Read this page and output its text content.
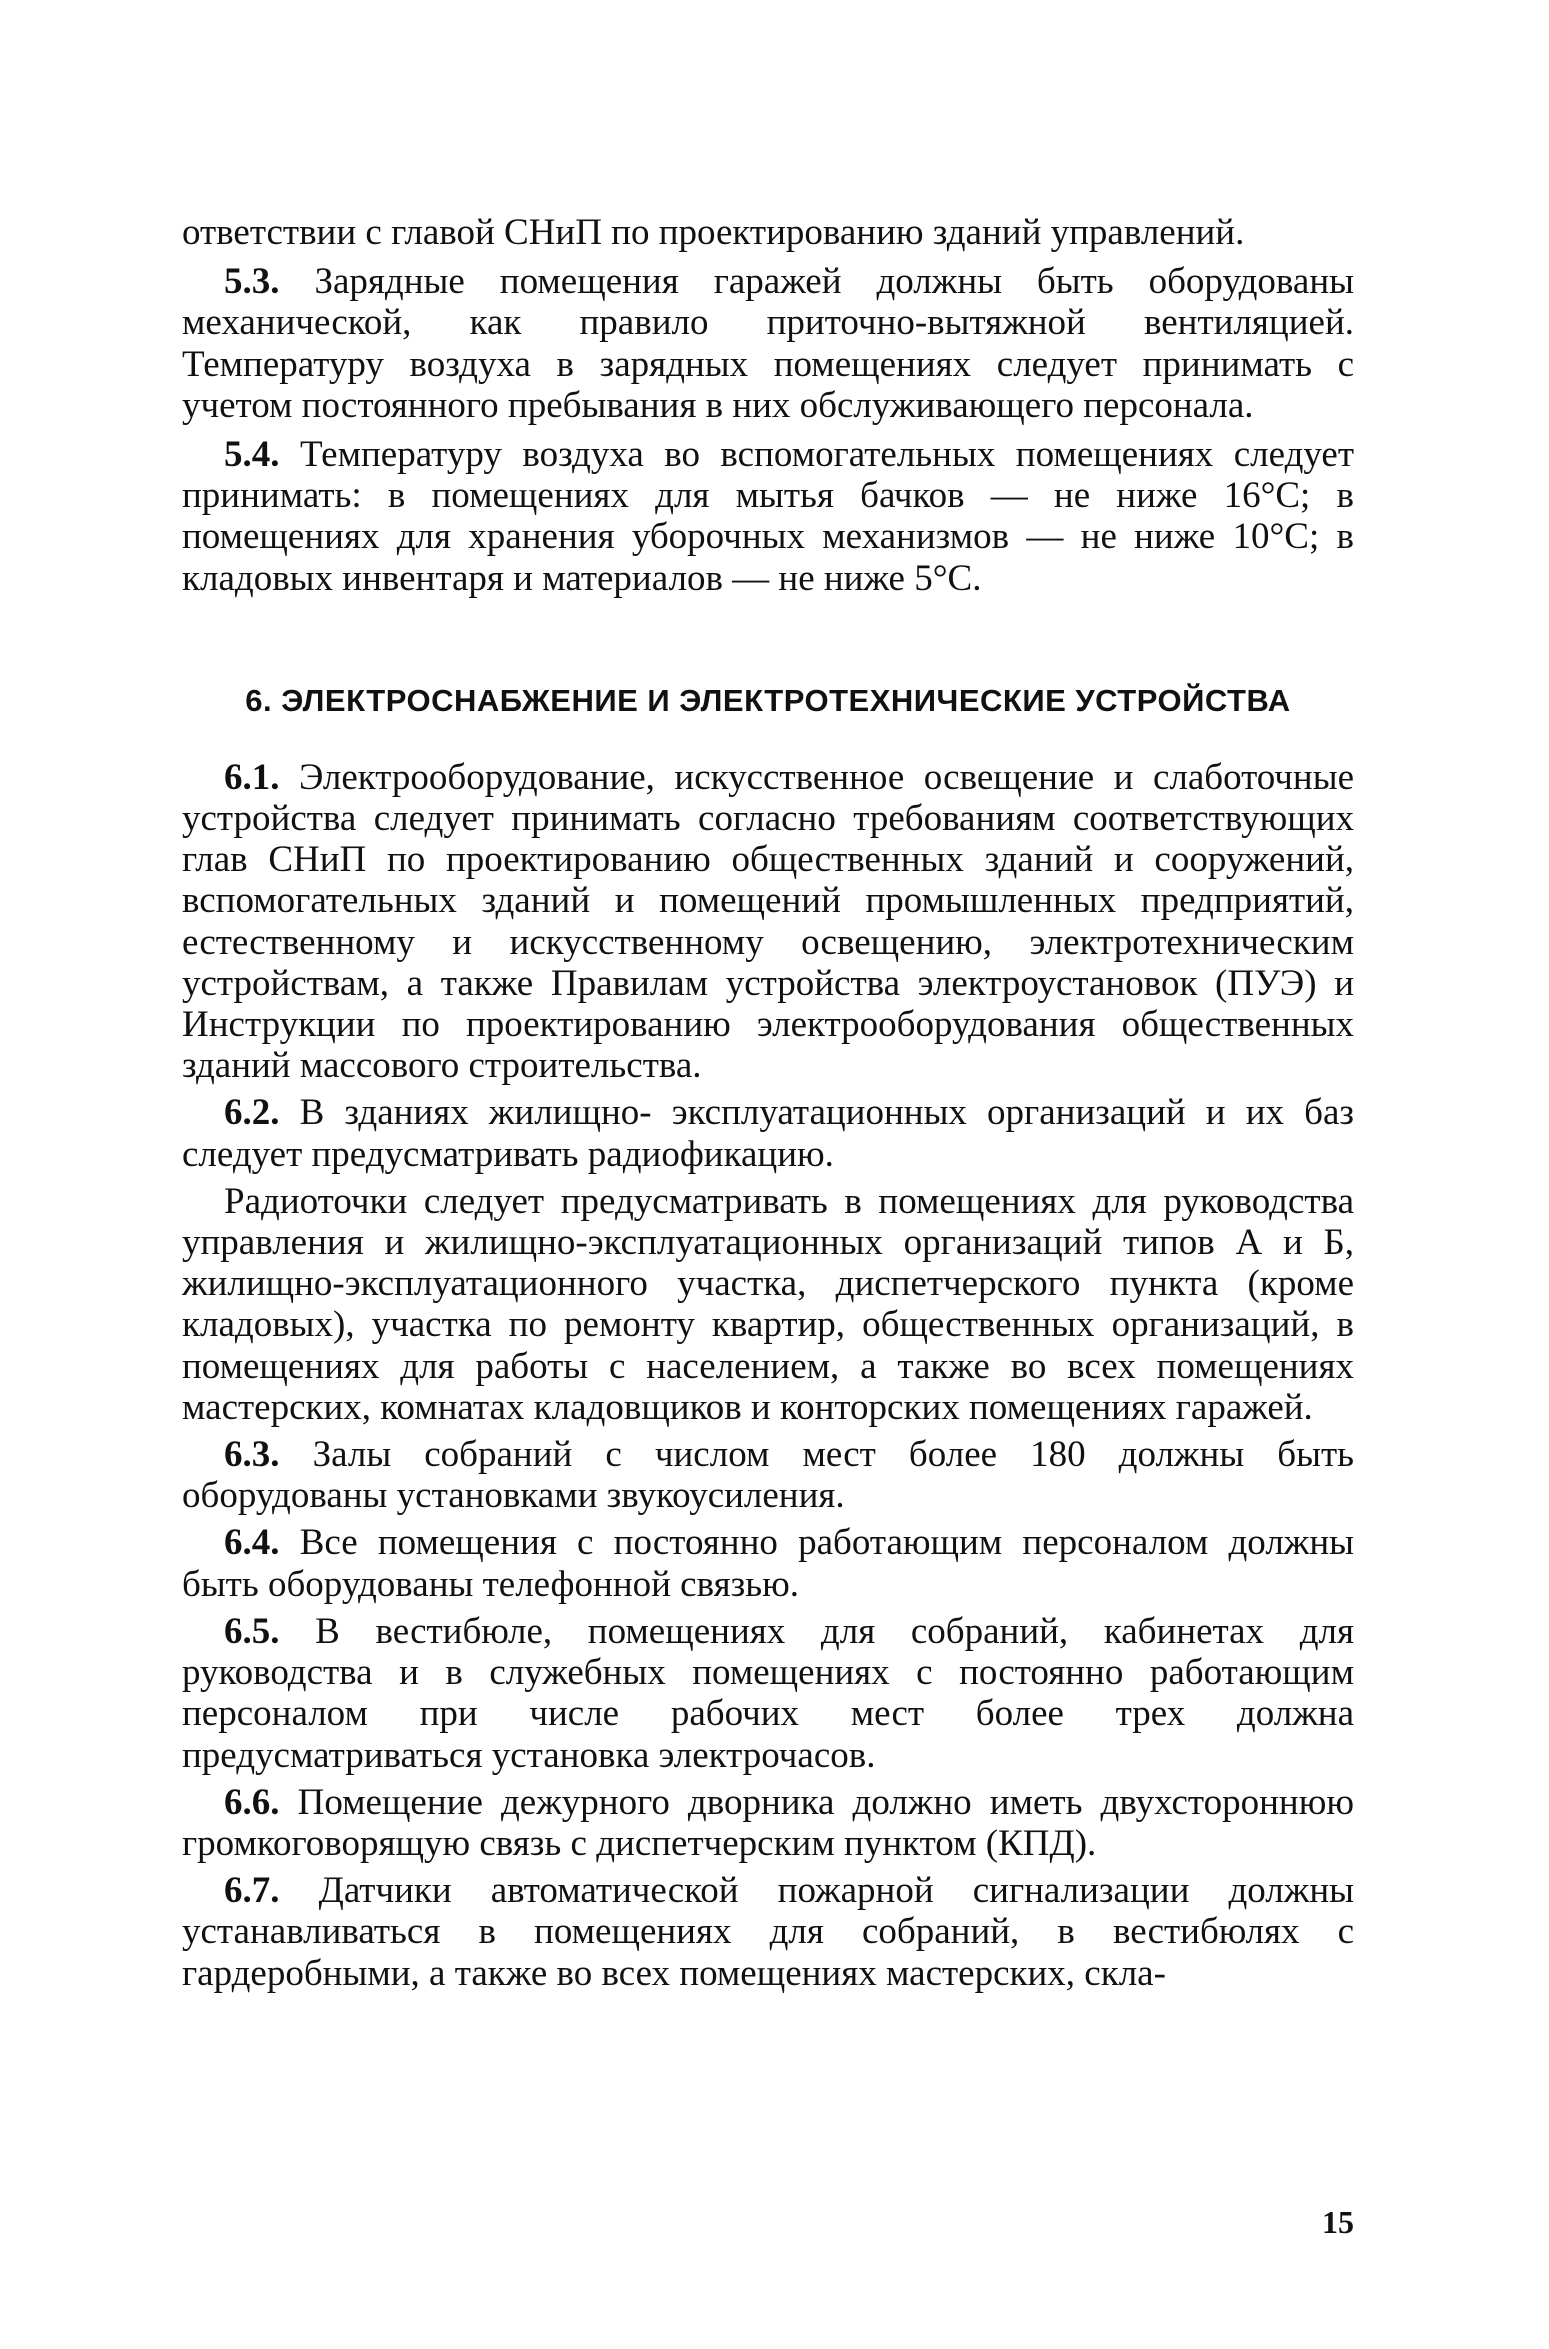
ответствии с главой СНиП по проектированию зданий управлений.

5.3. Зарядные помещения гаражей должны быть оборудованы механической, как правило приточно-вытяжной вентиляцией. Температуру воздуха в зарядных помещениях следует принимать с учетом постоянного пребывания в них обслуживающего персонала.

5.4. Температуру воздуха во вспомогательных помещениях следует принимать: в помещениях для мытья бачков — не ниже 16°С; в помещениях для хранения уборочных механизмов — не ниже 10°С; в кладовых инвентаря и материалов — не ниже 5°С.

6. ЭЛЕКТРОСНАБЖЕНИЕ И ЭЛЕКТРОТЕХНИЧЕСКИЕ УСТРОЙСТВА

6.1. Электрооборудование, искусственное освещение и слаботочные устройства следует принимать согласно требованиям соответствующих глав СНиП по проектированию общественных зданий и сооружений, вспомогательных зданий и помещений промышленных предприятий, естественному и искусственному освещению, электротехническим устройствам, а также Правилам устройства электроустановок (ПУЭ) и Инструкции по проектированию электрооборудования общественных зданий массового строительства.

6.2. В зданиях жилищно- эксплуатационных организаций и их баз следует предусматривать радиофикацию.

Радиоточки следует предусматривать в помещениях для руководства управления и жилищно-эксплуатационных организаций типов А и Б, жилищно-эксплуатационного участка, диспетчерского пункта (кроме кладовых), участка по ремонту квартир, общественных организаций, в помещениях для работы с населением, а также во всех помещениях мастерских, комнатах кладовщиков и конторских помещениях гаражей.

6.3. Залы собраний с числом мест более 180 должны быть оборудованы установками звукоусиления.

6.4. Все помещения с постоянно работающим персоналом должны быть оборудованы телефонной связью.

6.5. В вестибюле, помещениях для собраний, кабинетах для руководства и в служебных помещениях с постоянно работающим персоналом при числе рабочих мест более трех должна предусматриваться установка электрочасов.

6.6. Помещение дежурного дворника должно иметь двухстороннюю громкоговорящую связь с диспетчерским пунктом (КПД).

6.7. Датчики автоматической пожарной сигнализации должны устанавливаться в помещениях для собраний, в вестибюлях с гардеробными, а также во всех помещениях мастерских, скла-

15
